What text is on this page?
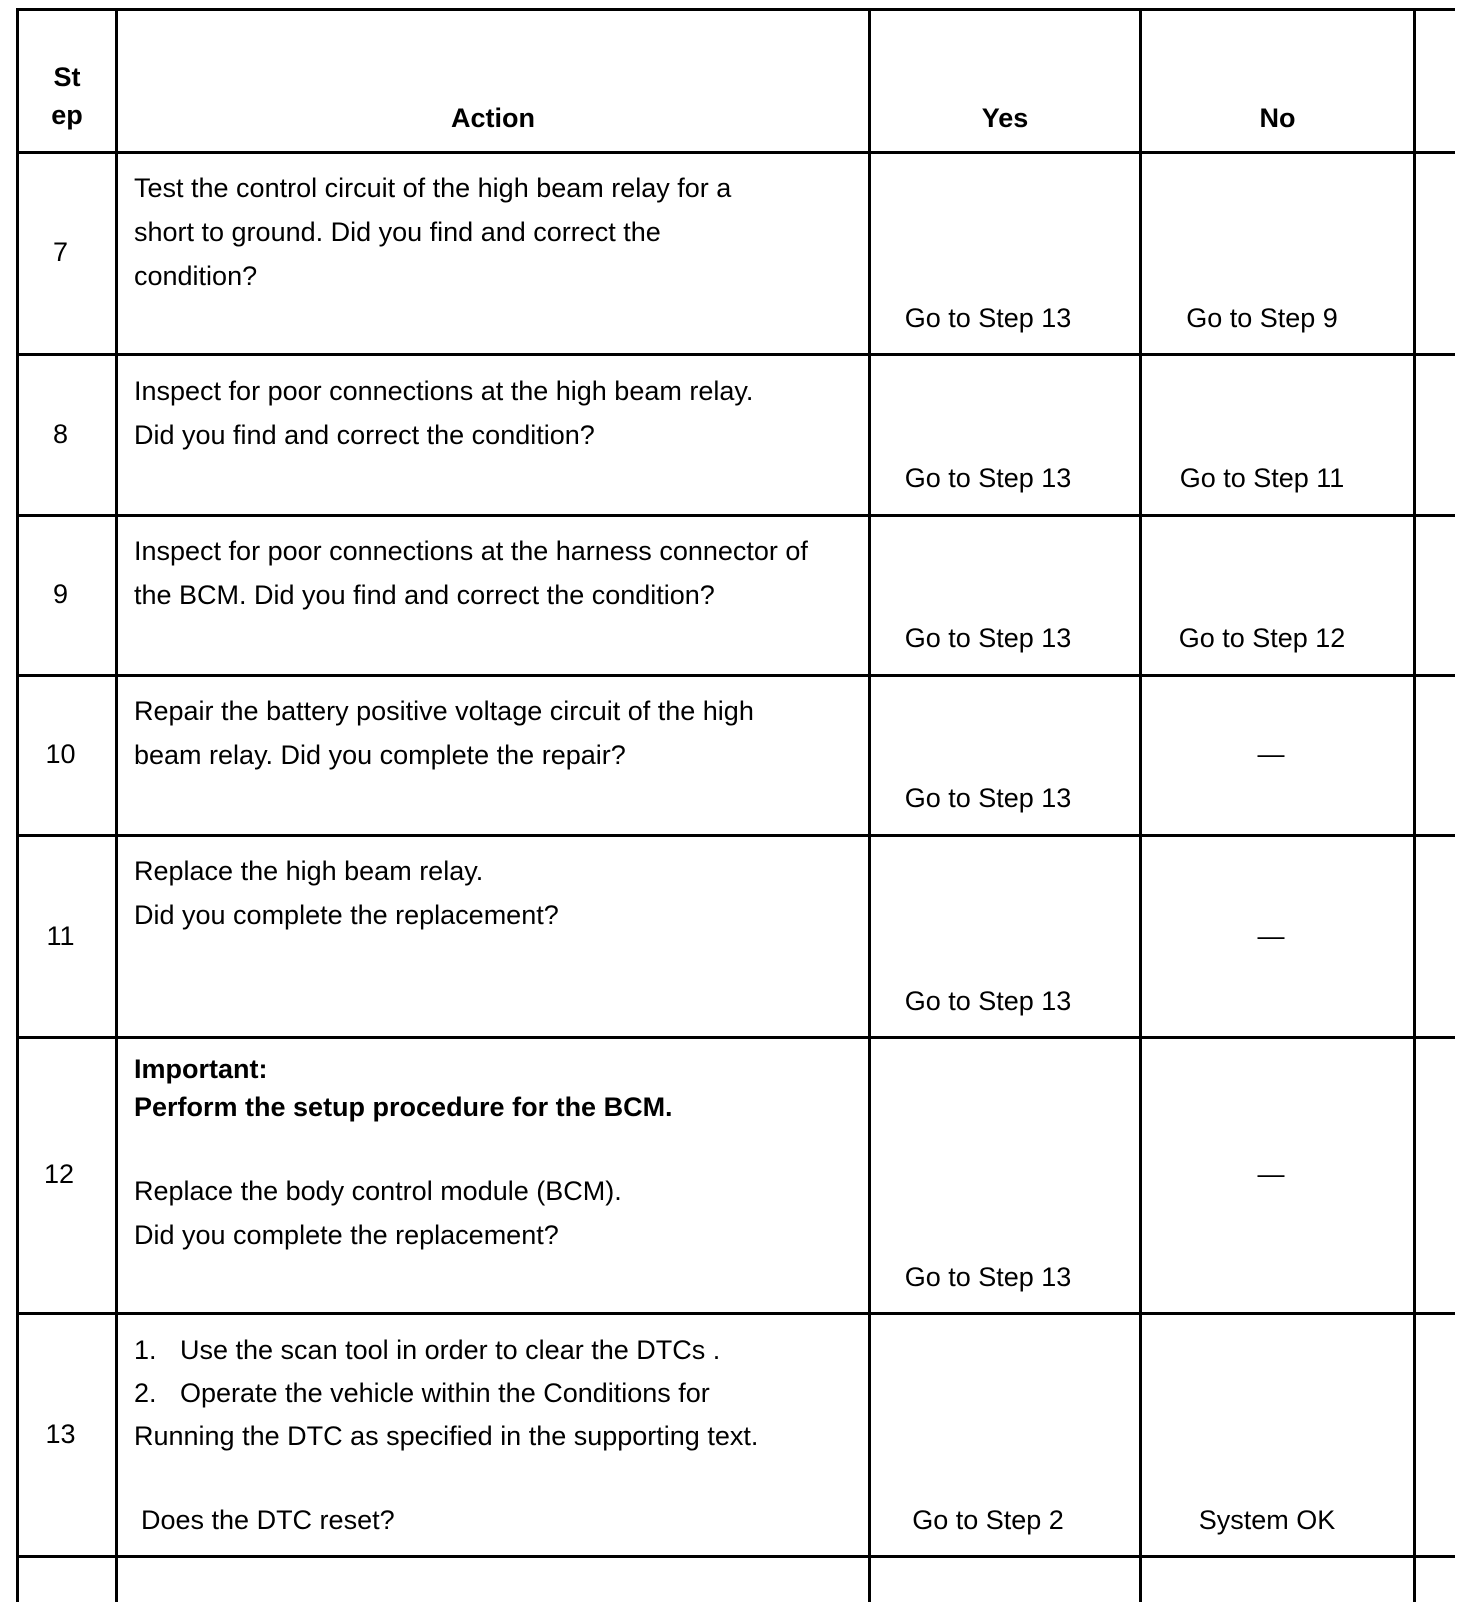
St
ep	Action	Yes	No
7
Test the control circuit of the high beam relay for a
short to ground. Did you find and correct the
condition?
Go to Step 13	Go to Step 9
8
Inspect for poor connections at the high beam relay.
Did you find and correct the condition?
Go to Step 13	Go to Step 11
9
Inspect for poor connections at the harness connector of
the BCM. Did you find and correct the condition?
Go to Step 13	Go to Step 12
10
Repair the battery positive voltage circuit of the high
beam relay. Did you complete the repair?
Go to Step 13
—
11
Replace the high beam relay.
Did you complete the replacement?
Go to Step 13
—
12
Important:
Perform the setup procedure for the BCM.
Replace the body control module (BCM).
Did you complete the replacement?
Go to Step 13
—
13
1. Use the scan tool in order to clear the DTCs .
2. Operate the vehicle within the Conditions for
Running the DTC as specified in the supporting text.
Does the DTC reset?	Go to Step 2	System OK
